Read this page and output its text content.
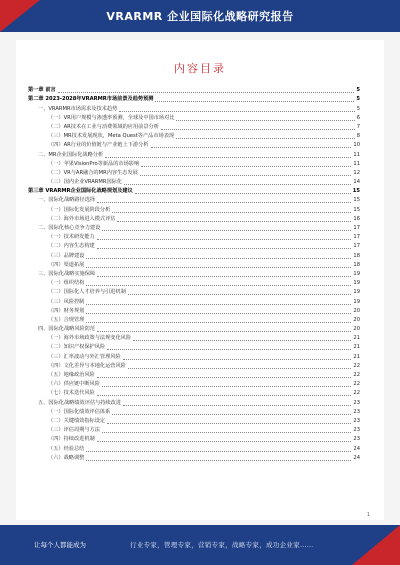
VRARMR 企业国际化战略研究报告
内容目录
第一章 前言	5
第二章 2023-2028年VRARMR市场前景及趋势预测	5
一、VRARMR市场需求及技术趋势	5
（一）VR用户规模与渗透率预测，全球及中国市场对比	6
（二）AR技术在工业与消费领域的应用前景分析	7
（三）MR技术发展现状，Meta Quest等产品市场表现	8
（四）AR行业的价值链与产业链上下游分析	10
二、MR企业国际化战略分析	11
（一）苹果VisionPro等新品的市场影响	11
（二）VR与AR融合的MR内容生态发展	12
（三）国内企业VRARMR国际化	14
第三章 VRARMR企业国际化战略规划及建议	15
一、国际化战略路径选择	15
（一）国际化发展阶段分析	15
（二）海外市场进入模式评估	16
二、国际化核心竞争力建设	17
（一）技术研发能力	17
（二）内容生态构建	17
（三）品牌建设	18
（四）渠道拓展	18
三、国际化战略实施保障	19
（一）组织结构	19
（二）国际化人才培养与引进机制	19
（三）风险控制	19
（四）财务规划	20
（五）合规管理	20
四、国际化战略风险防范	20
（一）海外市场政策与法规变化风险	21
（二）知识产权保护风险	21
（三）汇率波动与外汇管理风险	21
（四）文化差异与本地化运营风险	22
（五）地缘政治风险	22
（六）供应链中断风险	22
（七）技术迭代风险	22
五、国际化战略绩效评估与持续改进	23
（一）国际化绩效评估体系	23
（二）关键绩效指标设定	23
（三）评估周期与方法	23
（四）持续改进机制	23
（五）经验总结	24
（六）战略调整	24
1
让每个人都能成为	行业专家，管理专家，营销专家，战略专家，成功企业家……
